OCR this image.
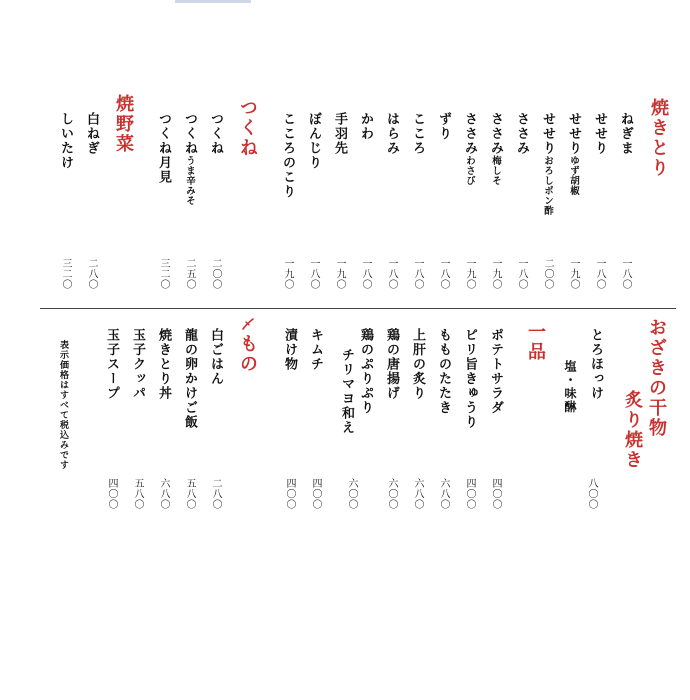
焼きとり
ねぎま
一八〇
せせり
一八〇
せせりゆず胡椒
一九〇
せせりおろしポン酢
二〇〇
ささみ
一八〇
ささみ梅しそ
一九〇
ささみわさび
一九〇
ずり
一八〇
こころ
一八〇
はらみ
一八〇
かわ
一八〇
手羽先
一九〇
ぼんじり
一八〇
こころのこり
一九〇
つくね
つくね
二〇〇
つくねうま辛みそ
二五〇
つくね月見
三二〇
焼野菜
白ねぎ
二八〇
しいたけ
三二〇
おざきの干物
炙り焼き
とろほっけ
塩・味醂
八〇〇
一品
ポテトサラダ
四〇〇
ピリ旨きゅうり
四〇〇
もものたたき
六八〇
上肝の炙り
六八〇
鶏の唐揚げ
六〇〇
鶏のぷりぷり
チリマヨ和え
六〇〇
キムチ
四〇〇
漬け物
四〇〇
もの
白ごはん
二八〇
龍の卵かけご飯
五八〇
焼きとり丼
六八〇
玉子クッパ
五八〇
玉子スープ
四〇〇
表示価格はすべて税込みです
